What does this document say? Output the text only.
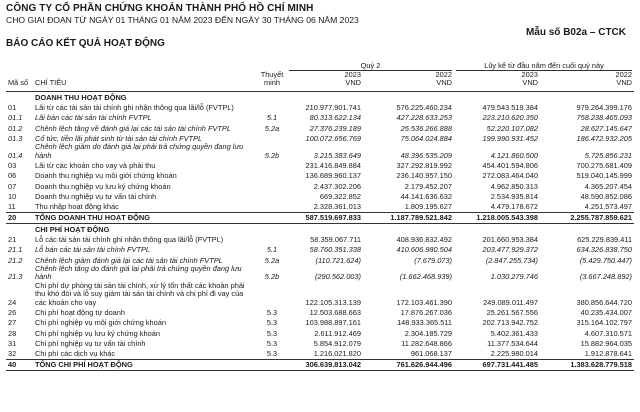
CÔNG TY CỔ PHẦN CHỨNG KHOÁN THÀNH PHỐ HỒ CHÍ MINH
CHO GIAI ĐOẠN TỪ NGÀY 01 THÁNG 01 NĂM 2023 ĐẾN NGÀY 30 THÁNG 06 NĂM 2023
Mẫu số B02a – CTCK
BÁO CÁO KẾT QUẢ HOẠT ĐỘNG
Mã số	CHỈ TIÊU	Thuyết minh	Quý 2		Lũy kế từ đầu năm đến cuối quý này	

			2023	2022	2023	2022
			VND	VND	VND	VND

	DOANH THU HOẠT ĐỘNG					
01	Lãi từ các tài sản tài chính ghi nhận thông qua lãi/lỗ (FVTPL)		210.977.901.741	576.225.460.234	479.543.519.384	979.264.399.176
01.1	Lãi bán các tài sản tài chính FVTPL	5.1	80.313.622.134	427.228.633.253	223.210.620.350	758.238.465.093
01.2	Chênh lệch tăng về đánh giá lại các tài sản tài chính FVTPL	5.2a	27.376.239.189	25.536.266.888	52.220.107.082	28.627.145.647
01.3	Cổ tức, tiền lãi phát sinh từ tài sản tài chính FVTPL		100.072.656.769	75.064.024.884	199.990.931.452	186.472.932.205
01.4	Chênh lệch giảm do đánh giá lại phải trả chứng quyền đang lưu hành	5.2b	3.215.383.649	48.396.535.209	4.121.860.500	5.725.856.231
03	Lãi từ các khoản cho vay và phải thu		231.416.849.884	327.292.819.992	454.401.594.806	700.275.681.409
06	Doanh thu nghiệp vụ môi giới chứng khoán		136.689.960.137	236.140.957.150	272.083.464.040	519.040.145.999
07	Doanh thu nghiệp vụ lưu ký chứng khoán		2.437.302.206	2.179.452.207	4.962.850.313	4.365.207.454
10	Doanh thu nghiệp vụ tư vấn tài chính		669.322.852	44.141.636.632	2.534.935.814	48.590.852.086
11	Thu nhập hoạt động khác		2.328.361.013	1.809.195.627	4.479.178.672	4.251.573.497
20	TỔNG DOANH THU HOẠT ĐỘNG		587.519.697.833	1.187.789.521.842	1.218.005.543.398	2.255.787.859.621
	CHI PHÍ HOẠT ĐỘNG					
21	Lỗ các tài sản tài chính ghi nhận thông qua lãi/lỗ (FVTPL)		58.359.067.711	408.936.832.492	201.660.953.384	625.229.839.411
21.1	Lỗ bán các tài sản tài chính FVTPL	5.1	58.760.351.338	410.606.980.504	203.477.929.372	634.326.838.750
21.2	Chênh lệch giảm đánh giá lại các tài sản tài chính FVTPL	5.2a	(110.721.624)	(7.679.073)	(2.847.255.734)	(5.429.750.447)
21.3	Chênh lệch tăng do đánh giá lại phải trả chứng quyền đang lưu hành	5.2b	(290.562.003)	(1.662.468.939)	1.030.279.746	(3.667.248.892)
24	Chi phí dự phòng tài sản tài chính, xử lý tổn thất các khoản phải thu khó đòi và lỗ suy giảm tài sản tài chính và chi phí đi vay của các khoản cho vay		122.105.313.139	172.103.461.390	249.089.011.497	380.856.644.720
26	Chi phí hoạt động tự doanh	5.3	12.503.688.663	17.876.267.036	25.261.567.556	40.235.434.007
27	Chi phí nghiệp vụ môi giới chứng khoán	5.3	103.988.897.161	148.933.365.511	202.713.942.752	315.164.102.797
28	Chi phí nghiệp vụ lưu ký chứng khoán	5.3	2.611.912.469	2.304.185.729	5.402.361.433	4.607.310.571
31	Chi phí nghiệp vụ tư vấn tài chính	5.3	5.854.912.079	11.282.648.866	11.377.534.644	15.882.964.035
32	Chi phí các dịch vụ khác	5.3	1.216.021.820	961.068.137	2.225.980.014	1.912.878.641
40	TỔNG CHI PHÍ HOẠT ĐỘNG		306.639.813.042	761.626.944.496	697.731.441.485	1.383.628.779.518
